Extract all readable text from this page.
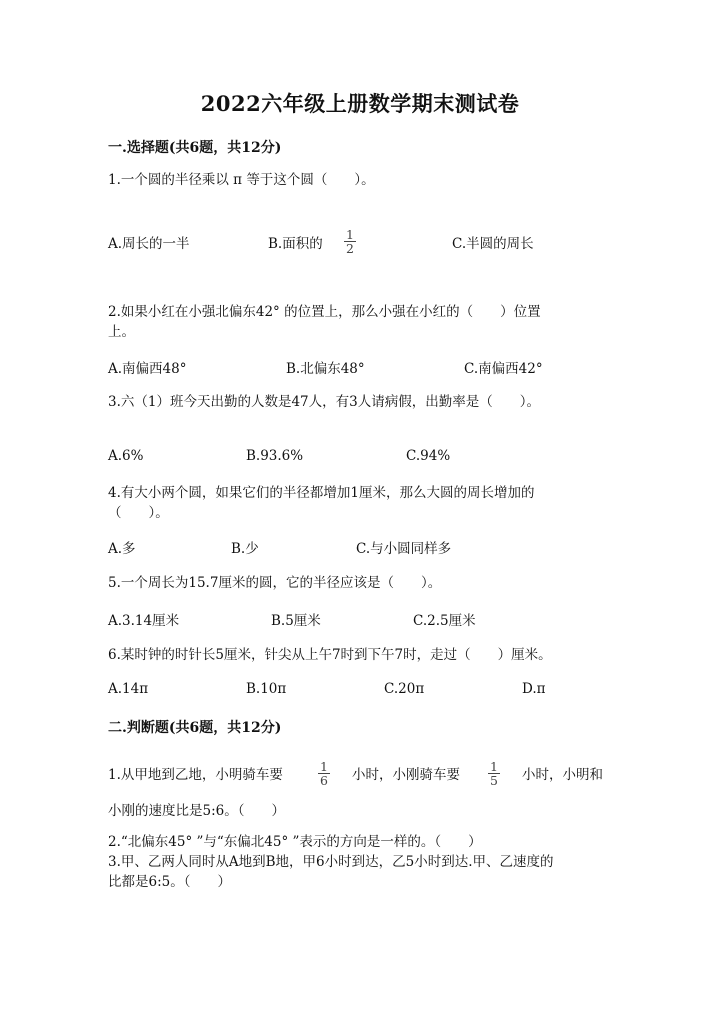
2022六年级上册数学期末测试卷
一.选择题(共6题，共12分)
1.一个圆的半径乘以 π 等于这个圆（　　）。
A.周长的一半	B.面积的 $\frac{1}{2}$	C.半圆的周长
2.如果小红在小强北偏东42° 的位置上，那么小强在小红的（　　）位置
上。
A.南偏西48°	B.北偏东48°	C.南偏西42°
3.六（1）班今天出勤的人数是47人，有3人请病假，出勤率是（　　）。
A.6%	B.93.6%	C.94%
4.有大小两个圆，如果它们的半径都增加1厘米，那么大圆的周长增加的
（　　）。
A.多	B.少	C.与小圆同样多
5.一个周长为15.7厘米的圆，它的半径应该是（　　）。
A.3.14厘米	B.5厘米	C.2.5厘米
6.某时钟的时针长5厘米，针尖从上午7时到下午7时，走过（　　）厘米。
A.14π	B.10π	C.20π	D.π
二.判断题(共6题，共12分)
1.从甲地到乙地，小明骑车要	$\frac{1}{6}$ 小时，小刚骑车要 $\frac{1}{5}$ 小时，小明和
小刚的速度比是5:6。（　　）
2.“北偏东45° ”与“东偏北45° ”表示的方向是一样的。（　　）
3.甲、乙两人同时从A地到B地，甲6小时到达，乙5小时到达.甲、乙速度的
比都是6:5。（　　）
